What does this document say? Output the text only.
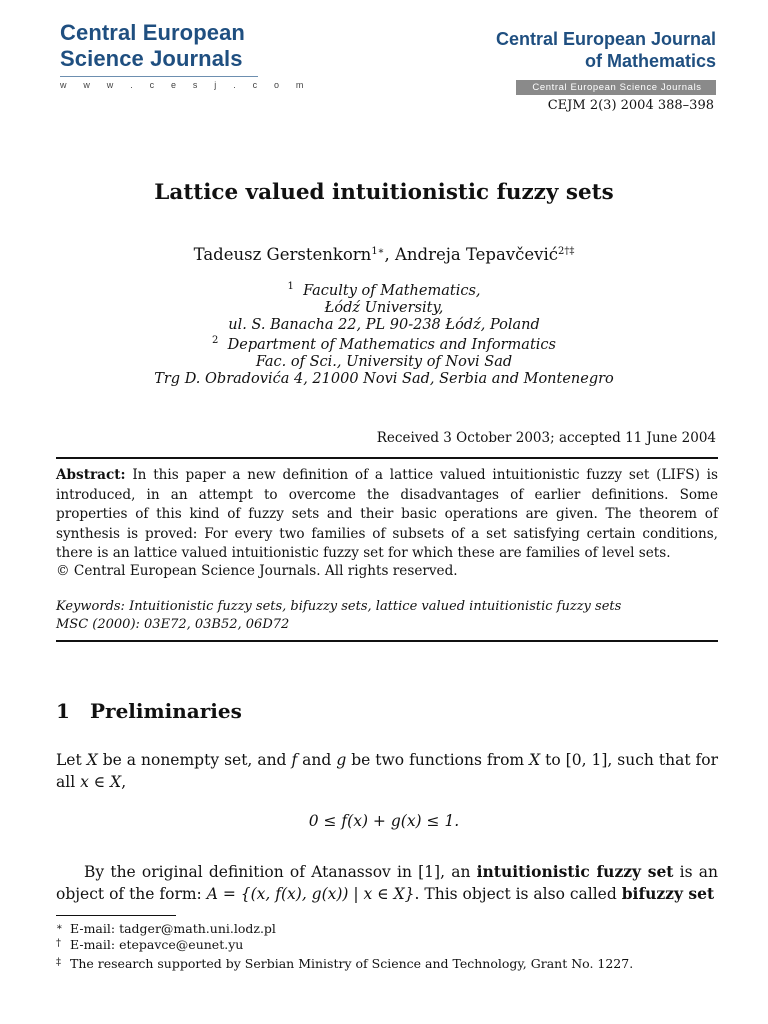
Central European
Science Journals
w w w . c e s j . c o m
Central European Journal
of Mathematics
Central European Science Journals
CEJM 2(3) 2004 388–398
Lattice valued intuitionistic fuzzy sets
Tadeusz Gerstenkorn$^{1∗}$, Andreja Tepavčević$^{2\dagger\ddagger}$
$^1$ Faculty of Mathematics,
Łódź University,
ul. S. Banacha 22, PL 90-238 Łódź, Poland
$^2$ Department of Mathematics and Informatics
Fac. of Sci., University of Novi Sad
Trg D. Obradovića 4, 21000 Novi Sad, Serbia and Montenegro
Received 3 October 2003; accepted 11 June 2004
Abstract: In this paper a new definition of a lattice valued intuitionistic fuzzy set (LIFS) is introduced, in an attempt to overcome the disadvantages of earlier definitions. Some properties of this kind of fuzzy sets and their basic operations are given. The theorem of synthesis is proved: For every two families of subsets of a set satisfying certain conditions, there is an lattice valued intuitionistic fuzzy set for which these are families of level sets.
© Central European Science Journals. All rights reserved.
Keywords: Intuitionistic fuzzy sets, bifuzzy sets, lattice valued intuitionistic fuzzy sets
MSC (2000): 03E72, 03B52, 06D72
1 Preliminaries
Let X be a nonempty set, and f and g be two functions from X to [0, 1], such that for all x ∈ X,
0 ≤ f(x) + g(x) ≤ 1.
By the original definition of Atanassov in [1], an intuitionistic fuzzy set is an object of the form: A = {(x, f(x), g(x)) | x ∈ X}. This object is also called bifuzzy set
∗ E-mail: tadger@math.uni.lodz.pl
† E-mail: etepavce@eunet.yu
‡ The research supported by Serbian Ministry of Science and Technology, Grant No. 1227.
